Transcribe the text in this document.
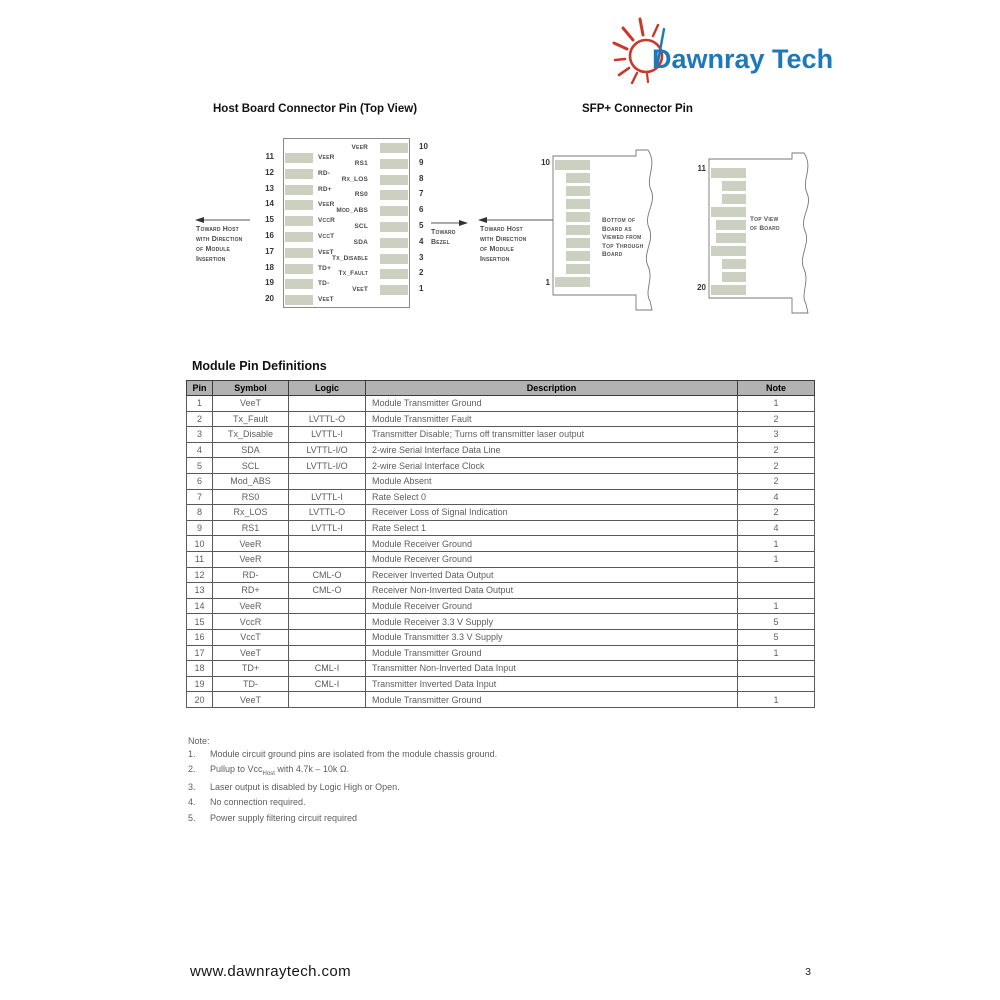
Dawnray Tech
Host Board Connector Pin (Top View)	SFP+ Connector Pin
11	VeeR
12	RD-
13	RD+
14	VeeR
15	VccR
16	VccT
17	VeeT
18	TD+
19	TD-
20	VeeT
VeeR	10
RS1	9
Rx_LOS	8
RS0	7
Mod_ABS	6
SCL	5
SDA	4
Tx_Disable	3
Tx_Fault	2
VeeT	1
Toward Host
with Direction
of Module
Insertion
Toward
Bezel
Toward Host
with Direction
of Module
Insertion
10
1
Bottom of
Board as
Viewed from
Top Through
Board
11
20
Top View
of Board
Module Pin Definitions
Pin	Symbol	Logic	Description	Note
1	VeeT		Module Transmitter Ground	1
2	Tx_Fault	LVTTL-O	Module Transmitter Fault	2
3	Tx_Disable	LVTTL-I	Transmitter Disable; Turns off transmitter laser output	3
4	SDA	LVTTL-I/O	2-wire Serial Interface Data Line	2
5	SCL	LVTTL-I/O	2-wire Serial Interface Clock	2
6	Mod_ABS		Module Absent	2
7	RS0	LVTTL-I	Rate Select 0	4
8	Rx_LOS	LVTTL-O	Receiver Loss of Signal Indication	2
9	RS1	LVTTL-I	Rate Select 1	4
10	VeeR		Module Receiver Ground	1
11	VeeR		Module Receiver Ground	1
12	RD-	CML-O	Receiver Inverted Data Output	
13	RD+	CML-O	Receiver Non-Inverted Data Output	
14	VeeR		Module Receiver Ground	1
15	VccR		Module Receiver 3.3 V Supply	5
16	VccT		Module Transmitter 3.3 V Supply	5
17	VeeT		Module Transmitter Ground	1
18	TD+	CML-I	Transmitter Non-Inverted Data Input	
19	TD-	CML-I	Transmitter Inverted Data Input	
20	VeeT		Module Transmitter Ground	1
Note:
1.	Module circuit ground pins are isolated from the module chassis ground.
2.	Pullup to Vcc$_{Host}$ with 4.7k – 10k Ω.
3.	Laser output is disabled by Logic High or Open.
4.	No connection required.
5.	Power supply filtering circuit required
www.dawnraytech.com	3
